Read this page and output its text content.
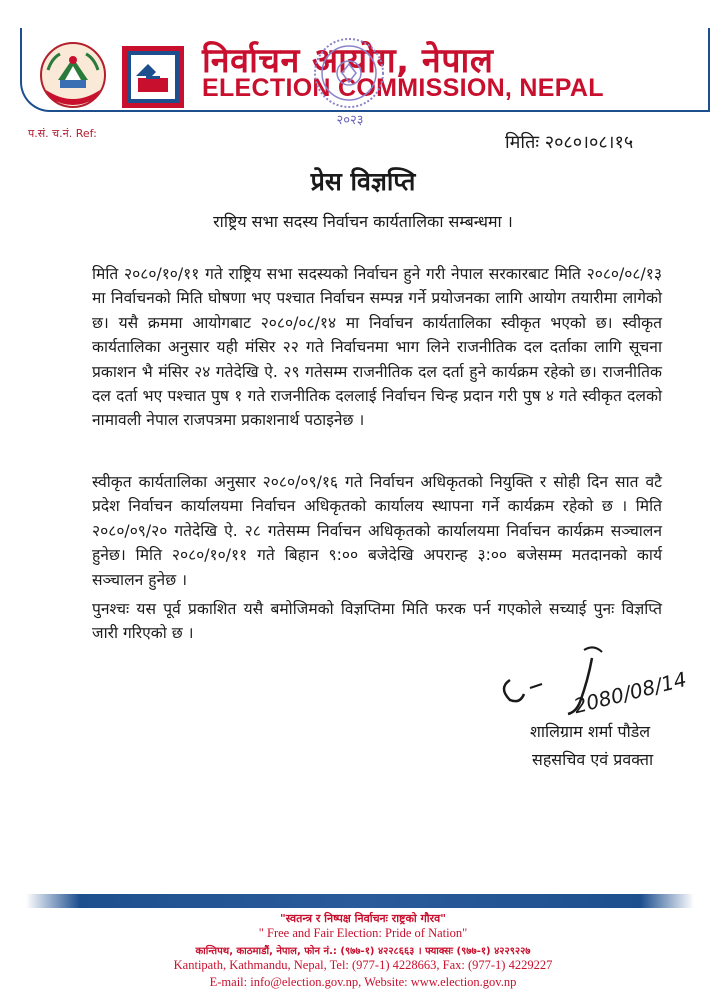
निर्वाचन आयोग, नेपाल
ELECTION COMMISSION, NEPAL
२०२३
प.सं. च.नं. Ref:	मितिः २०८०।०८।१५
प्रेस विज्ञप्ति
राष्ट्रिय सभा सदस्य निर्वाचन कार्यतालिका सम्बन्धमा ।
मिति २०८०/१०/११ गते राष्ट्रिय सभा सदस्यको निर्वाचन हुने गरी नेपाल सरकारबाट मिति २०८०/०८/१३ मा निर्वाचनको मिति घोषणा भए पश्चात निर्वाचन सम्पन्न गर्ने प्रयोजनका लागि आयोग तयारीमा लागेको छ। यसै क्रममा आयोगबाट २०८०/०८/१४ मा निर्वाचन कार्यतालिका स्वीकृत भएको छ। स्वीकृत कार्यतालिका अनुसार यही मंसिर २२ गते निर्वाचनमा भाग लिने राजनीतिक दल दर्ताका लागि सूचना प्रकाशन भै मंसिर २४ गतेदेखि ऐ. २९ गतेसम्म राजनीतिक दल दर्ता हुने कार्यक्रम रहेको छ। राजनीतिक दल दर्ता भए पश्चात पुष १ गते राजनीतिक दललाई निर्वाचन चिन्ह प्रदान गरी पुष ४ गते स्वीकृत दलको नामावली नेपाल राजपत्रमा प्रकाशनार्थ पठाइनेछ ।
स्वीकृत कार्यतालिका अनुसार २०८०/०९/१६ गते निर्वाचन अधिकृतको नियुक्ति र सोही दिन सात वटै प्रदेश निर्वाचन कार्यालयमा निर्वाचन अधिकृतको कार्यालय स्थापना गर्ने कार्यक्रम रहेको छ । मिति २०८०/०९/२० गतेदेखि ऐ. २८ गतेसम्म निर्वाचन अधिकृतको कार्यालयमा निर्वाचन कार्यक्रम सञ्चालन हुनेछ। मिति २०८०/१०/११ गते बिहान ९:०० बजेदेखि अपरान्ह ३:०० बजेसम्म मतदानको कार्य सञ्चालन हुनेछ ।
पुनश्चः यस पूर्व प्रकाशित यसै बमोजिमको विज्ञप्तिमा मिति फरक पर्न गएकोले सच्याई पुनः विज्ञप्ति जारी गरिएको छ ।
2080/08/14
शालिग्राम शर्मा पौडेल
सहसचिव एवं प्रवक्ता
"स्वतन्त्र र निष्पक्ष निर्वाचनः राष्ट्रको गौरव"
" Free and Fair Election: Pride of Nation"
कान्तिपथ, काठमाडौं, नेपाल, फोन नं.: (९७७-१) ४२२८६६३ । फ्याक्सः (९७७-१) ४२२९२२७
Kantipath, Kathmandu, Nepal, Tel: (977-1) 4228663, Fax: (977-1) 4229227
E-mail: info@election.gov.np, Website: www.election.gov.np
